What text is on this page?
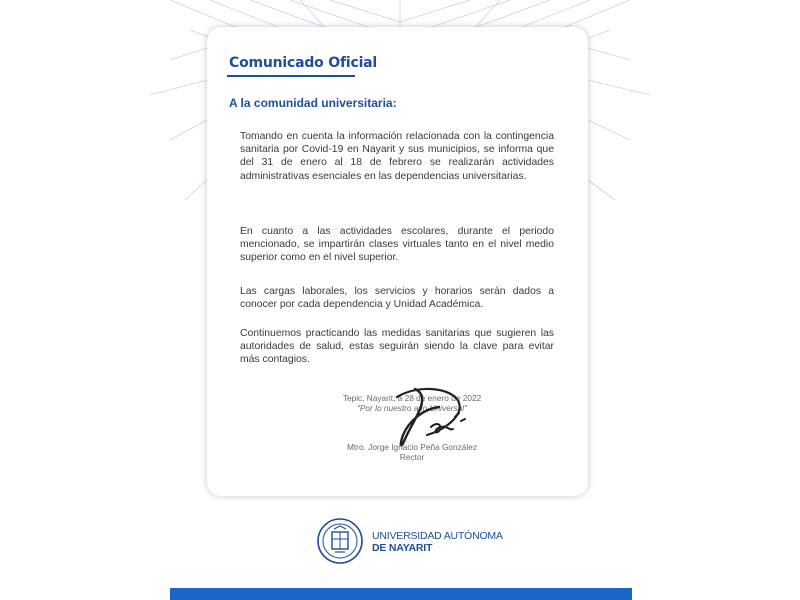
Comunicado Oficial
A la comunidad universitaria:

Tomando en cuenta la información relacionada con la contingencia sanitaria por Covid-19 en Nayarit y sus municipios, se informa que del 31 de enero al 18 de febrero se realizarán actividades administrativas esenciales en las dependencias universitarias.

En cuanto a las actividades escolares, durante el periodo mencionado, se impartirán clases virtuales tanto en el nivel medio superior como en el nivel superior.

Las cargas laborales, los servicios y horarios serán dados a conocer por cada dependencia y Unidad Académica.

Continuemos practicando las medidas sanitarias que sugieren las autoridades de salud, estas seguirán siendo la clave para evitar más contagios.

Tepic, Nayarit; a 28 de enero de 2022
"Por lo nuestro a lo Universal"
Mtro. Jorge Ignacio Peña González
Rector
UNIVERSIDAD AUTÓNOMA
DE NAYARIT
